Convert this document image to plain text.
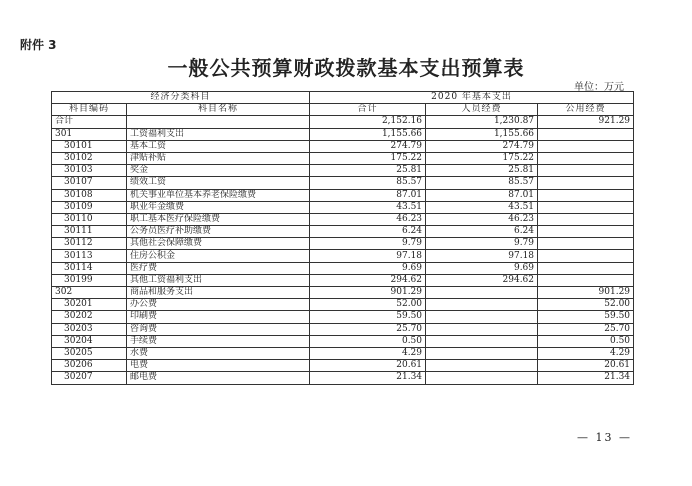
附件 3
一般公共预算财政拨款基本支出预算表
单位：万元
经济分类科目		2020 年基本支出		
科目编码	科目名称	合计	人员经费	公用经费
合计		2,152.16	1,230.87	921.29
301	工资福利支出	1,155.66	1,155.66	
30101	基本工资	274.79	274.79	
30102	津贴补贴	175.22	175.22	
30103	奖金	25.81	25.81	
30107	绩效工资	85.57	85.57	
30108	机关事业单位基本养老保险缴费	87.01	87.01	
30109	职业年金缴费	43.51	43.51	
30110	职工基本医疗保险缴费	46.23	46.23	
30111	公务员医疗补助缴费	6.24	6.24	
30112	其他社会保障缴费	9.79	9.79	
30113	住房公积金	97.18	97.18	
30114	医疗费	9.69	9.69	
30199	其他工资福利支出	294.62	294.62	
302	商品和服务支出	901.29		901.29
30201	办公费	52.00		52.00
30202	印刷费	59.50		59.50
30203	咨询费	25.70		25.70
30204	手续费	0.50		0.50
30205	水费	4.29		4.29
30206	电费	20.61		20.61
30207	邮电费	21.34		21.34
— 13 —
